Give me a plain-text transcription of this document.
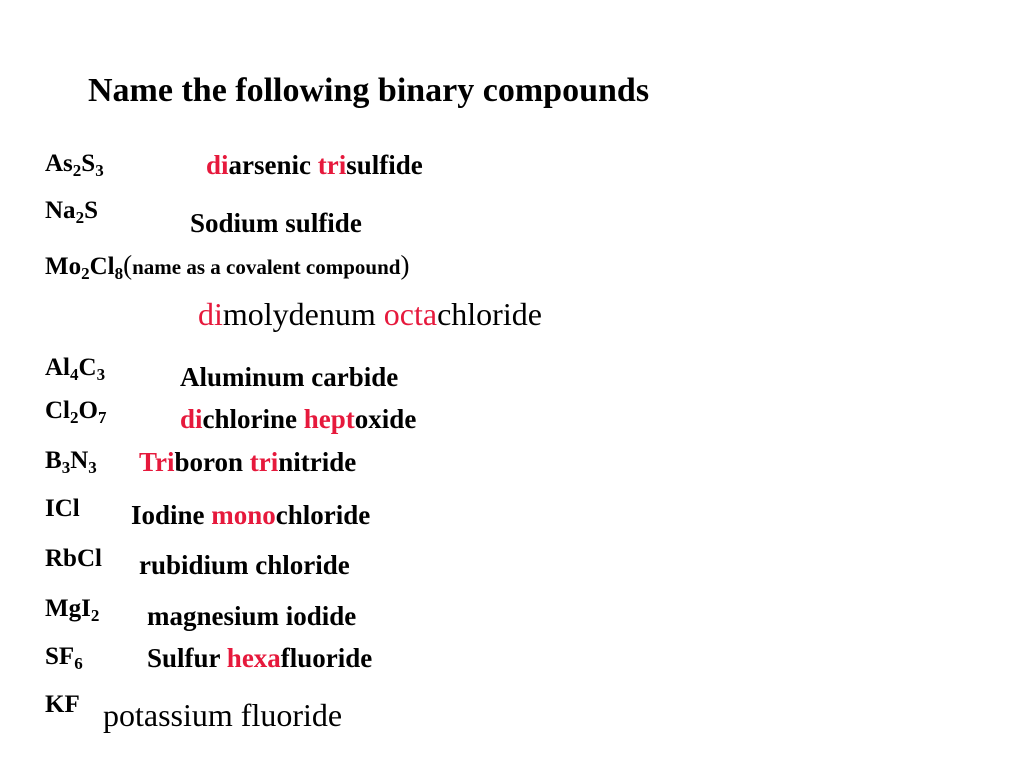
Name the following binary compounds
$As_2S_3$
$Na_2S$
$Mo_2Cl_8(name$ as a covalent compound)
$Al_4C_3$
$Cl_2O_7$
$B_3N_3$
ICl
RbCl
MgI$_2$
$SF_6$
KF
diarsenic trisulfide
Sodium sulfide
dimolydenum octachloride
Aluminum carbide
dichlorine heptoxide
Triboron trinitride
Iodine monochloride
rubidium chloride
magnesium iodide
Sulfur hexafluoride
potassium fluoride
